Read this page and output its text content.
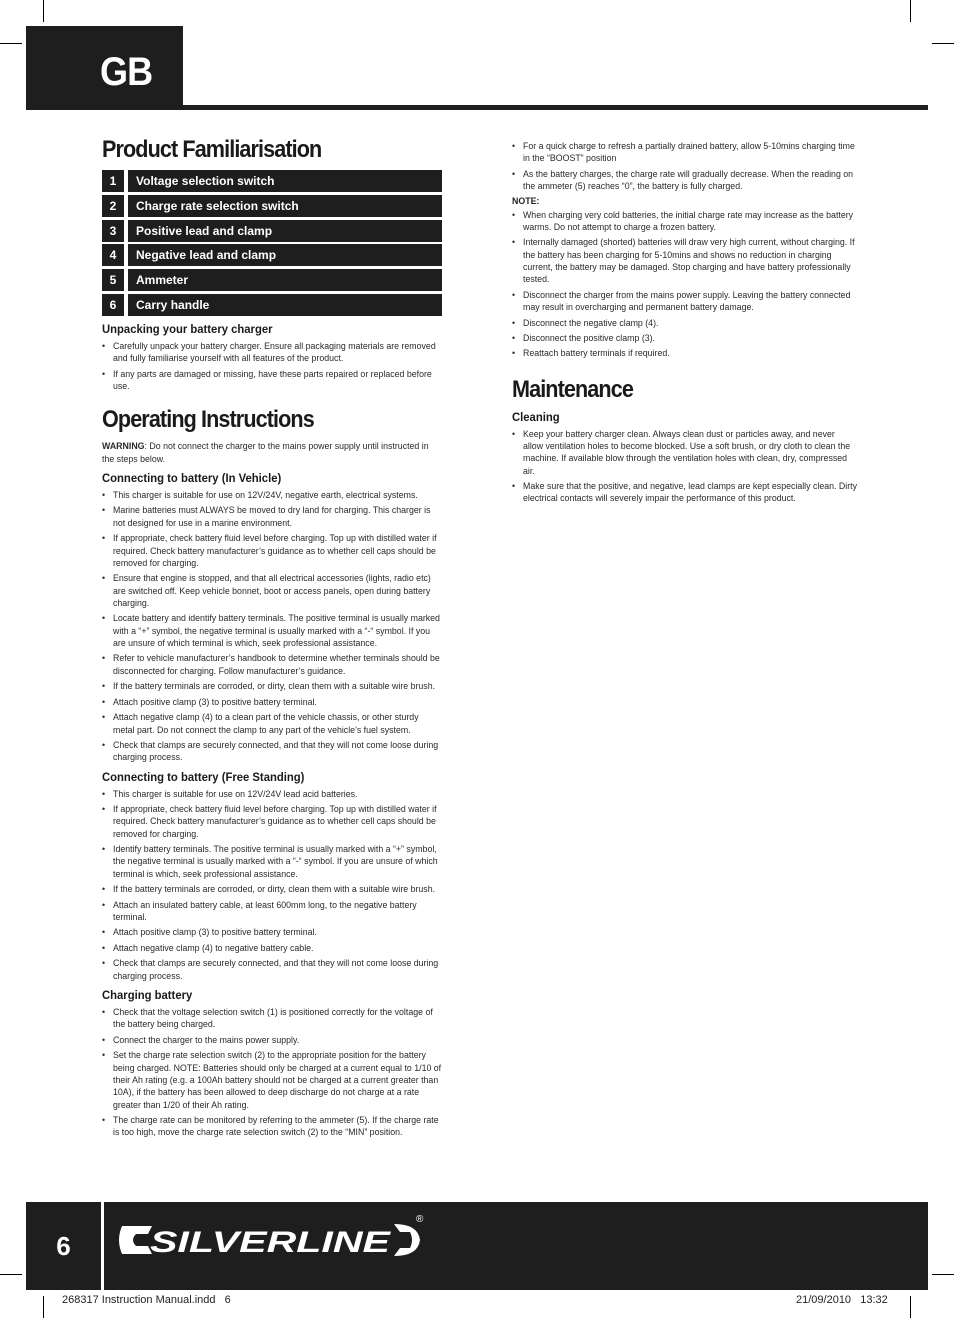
GB
Product Familiarisation
1	Voltage selection switch
2	Charge rate selection switch
3	Positive lead and clamp
4	Negative lead and clamp
5	Ammeter
6	Carry handle
Unpacking your battery charger
• Carefully unpack your battery charger. Ensure all packaging materials are removed and fully familiarise yourself with all features of the product.
• If any parts are damaged or missing, have these parts repaired or replaced before use.
Operating Instructions

WARNING: Do not connect the charger to the mains power supply until instructed in the steps below.

Connecting to battery (In Vehicle)
• This charger is suitable for use on 12V/24V, negative earth, electrical systems.
• Marine batteries must ALWAYS be moved to dry land for charging. This charger is not designed for use in a marine environment.
• If appropriate, check battery fluid level before charging. Top up with distilled water if required. Check battery manufacturer’s guidance as to whether cell caps should be removed for charging.
• Ensure that engine is stopped, and that all electrical accessories (lights, radio etc) are switched off. Keep vehicle bonnet, boot or access panels, open during battery charging.
• Locate battery and identify battery terminals. The positive terminal is usually marked with a “+” symbol, the negative terminal is usually marked with a “-“ symbol. If you are unsure of which terminal is which, seek professional assistance.
• Refer to vehicle manufacturer’s handbook to determine whether terminals should be disconnected for charging. Follow manufacturer’s guidance.
• If the battery terminals are corroded, or dirty, clean them with a suitable wire brush.
• Attach positive clamp (3) to positive battery terminal.
• Attach negative clamp (4) to a clean part of the vehicle chassis, or other sturdy metal part. Do not connect the clamp to any part of the vehicle’s fuel system.
• Check that clamps are securely connected, and that they will not come loose during charging process.
Connecting to battery (Free Standing)
• This charger is suitable for use on 12V/24V lead acid batteries.
• If appropriate, check battery fluid level before charging. Top up with distilled water if required. Check battery manufacturer’s guidance as to whether cell caps should be removed for charging.
• Identify battery terminals. The positive terminal is usually marked with a “+” symbol, the negative terminal is usually marked with a “-“ symbol. If you are unsure of which terminal is which, seek professional assistance.
• If the battery terminals are corroded, or dirty, clean them with a suitable wire brush.
• Attach an insulated battery cable, at least 600mm long, to the negative battery terminal.
• Attach positive clamp (3) to positive battery terminal.
• Attach negative clamp (4) to negative battery cable.
• Check that clamps are securely connected, and that they will not come loose during charging process.
Charging battery
• Check that the voltage selection switch (1) is positioned correctly for the voltage of the battery being charged.
• Connect the charger to the mains power supply.
• Set the charge rate selection switch (2) to the appropriate position for the battery being charged. NOTE: Batteries should only be charged at a current equal to 1/10 of their Ah rating (e.g. a 100Ah battery should not be charged at a current greater than 10A), if the battery has been allowed to deep discharge do not charge at a rate greater than 1/20 of their Ah rating.
• The charge rate can be monitored by referring to the ammeter (5). If the charge rate is too high, move the charge rate selection switch (2) to the “MIN” position.
• For a quick charge to refresh a partially drained battery, allow 5-10mins charging time in the “BOOST” position
• As the battery charges, the charge rate will gradually decrease. When the reading on the ammeter (5) reaches “0”, the battery is fully charged.
NOTE:
• When charging very cold batteries, the initial charge rate may increase as the battery warms. Do not attempt to charge a frozen battery.
• Internally damaged (shorted) batteries will draw very high current, without charging. If the battery has been charging for 5-10mins and shows no reduction in charging current, the battery may be damaged. Stop charging and have battery professionally tested.
• Disconnect the charger from the mains power supply. Leaving the battery connected may result in overcharging and permanent battery damage.
• Disconnect the negative clamp (4).
• Disconnect the positive clamp (3).
• Reattach battery terminals if required.
Maintenance
Cleaning
• Keep your battery charger clean. Always clean dust or particles away, and never allow ventilation holes to become blocked. Use a soft brush, or dry cloth to clean the machine. If available blow through the ventilation holes with clean, dry, compressed air.
• Make sure that the positive, and negative, lead clamps are kept especially clean. Dirty electrical contacts will severely impair the performance of this product.
6	SILVERLINE
®
268317 Instruction Manual.indd   6	21/09/2010   13:32
